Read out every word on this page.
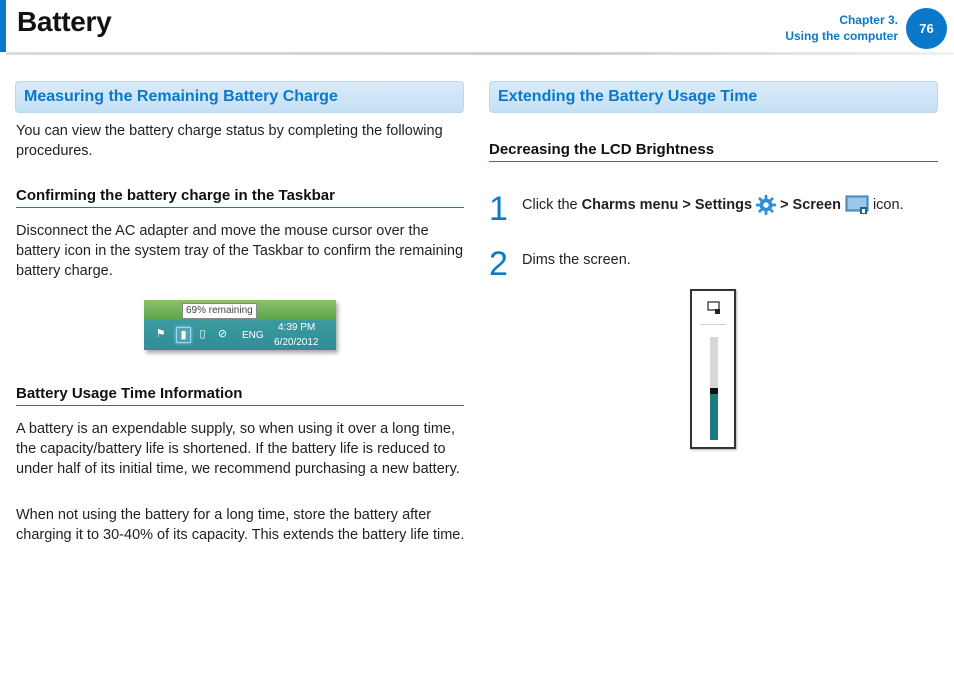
Battery	Chapter 3.
Using the computer	76
Measuring the Remaining Battery Charge

You can view the battery charge status by completing the following procedures.

Confirming the battery charge in the Taskbar

Disconnect the AC adapter and move the mouse cursor over the battery icon in the system tray of the Taskbar to confirm the remaining battery charge.

69% remaining
⚑	▮	▯	⊘ ENG
4:39 PM
6/20/2012
Battery Usage Time Information

A battery is an expendable supply, so when using it over a long time, the capacity/battery life is shortened. If the battery life is reduced to under half of its initial time, we recommend purchasing a new battery.

When not using the battery for a long time, store the battery after charging it to 30-40% of its capacity. This extends the battery life time.

Extending the Battery Usage Time
Decreasing the LCD Brightness
1 Click the Charms menu > Settings > Screen icon.
2 Dims the screen.
